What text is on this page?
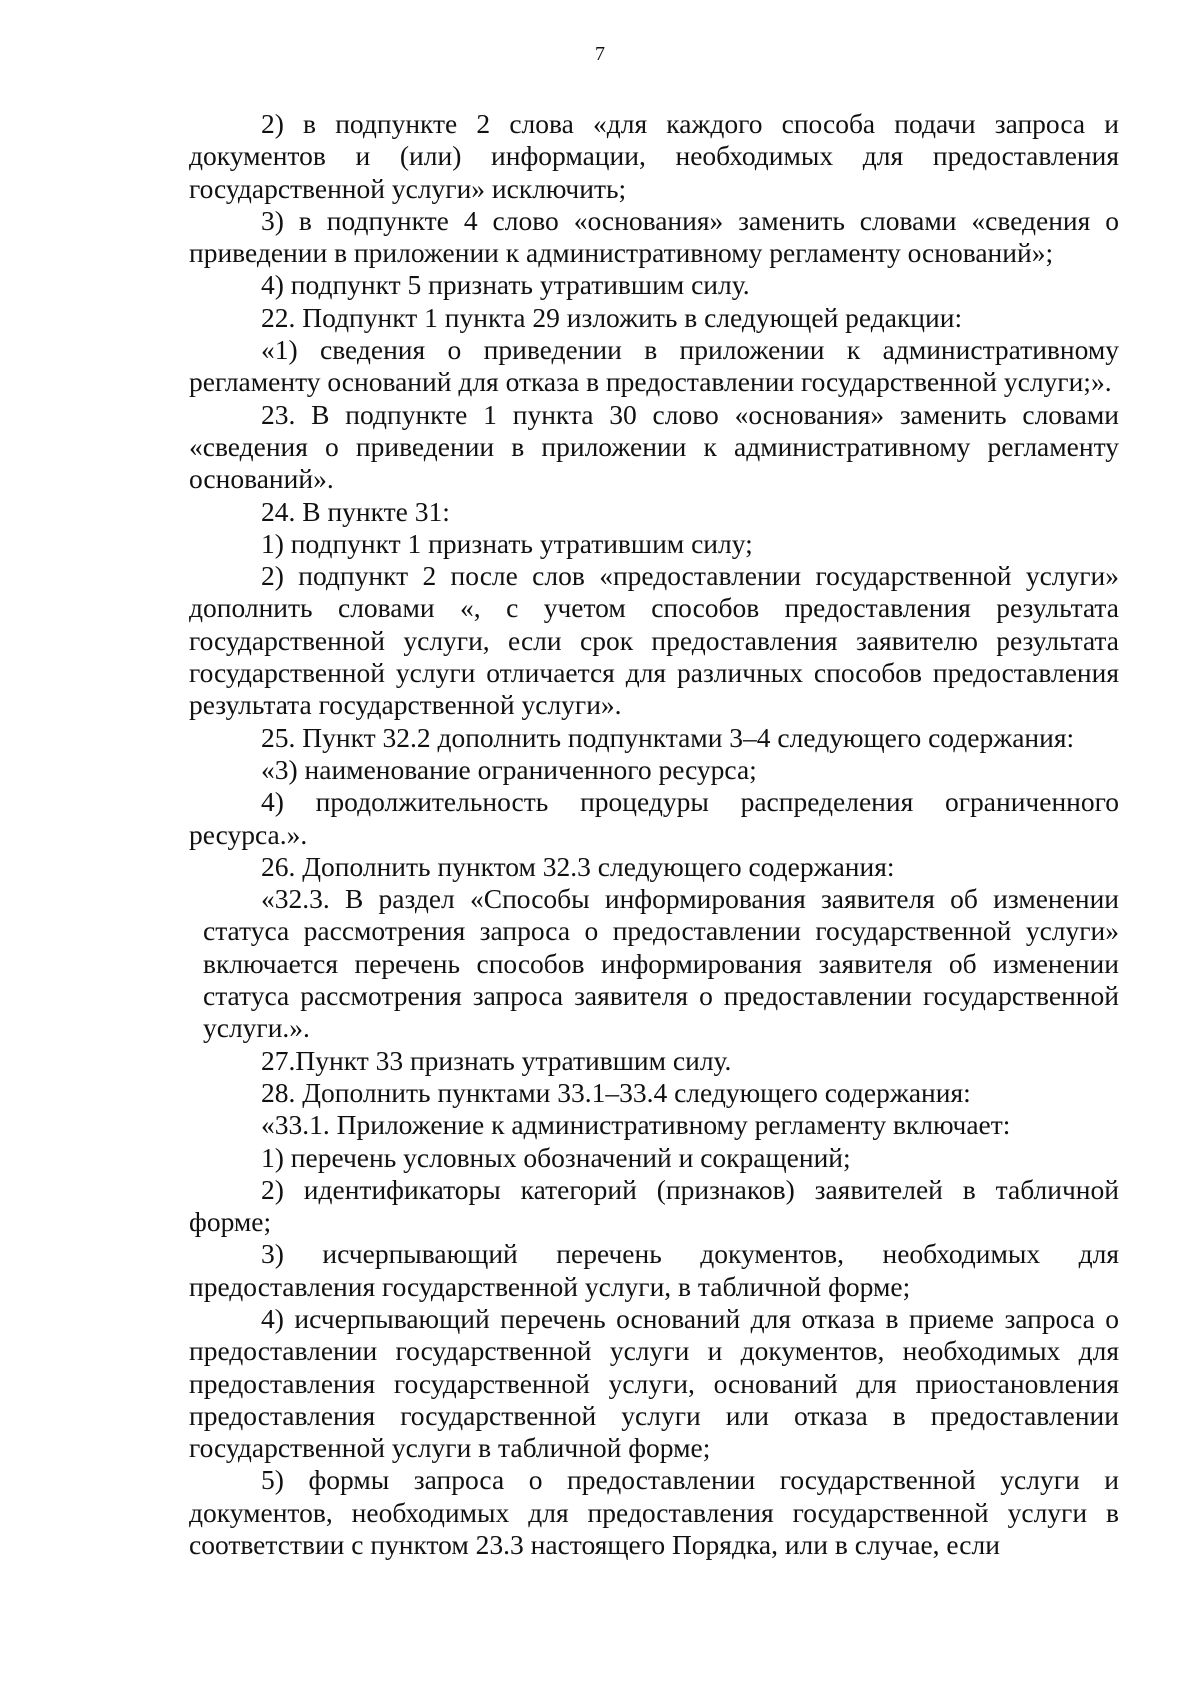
7

2) в подпункте 2 слова «для каждого способа подачи запроса и документов и (или) информации, необходимых для предоставления государственной услуги» исключить;

3) в подпункте 4 слово «основания» заменить словами «сведения о приведении в приложении к административному регламенту оснований»;

4) подпункт 5 признать утратившим силу.

22. Подпункт 1 пункта 29 изложить в следующей редакции:

«1) сведения о приведении в приложении к административному регламенту оснований для отказа в предоставлении государственной услуги;».

23. В подпункте 1 пункта 30 слово «основания» заменить словами «сведения о приведении в приложении к административному регламенту оснований».

24. В пункте 31:

1) подпункт 1 признать утратившим силу;

2) подпункт 2 после слов «предоставлении государственной услуги» дополнить словами «, с учетом способов предоставления результата государственной услуги, если срок предоставления заявителю результата государственной услуги отличается для различных способов предоставления результата государственной услуги».

25. Пункт 32.2 дополнить подпунктами 3–4 следующего содержания:

«3) наименование ограниченного ресурса;

4) продолжительность процедуры распределения ограниченного ресурса.».

26. Дополнить пунктом 32.3 следующего содержания:

«32.3. В раздел «Способы информирования заявителя об изменении статуса рассмотрения запроса о предоставлении государственной услуги» включается перечень способов информирования заявителя об изменении статуса рассмотрения запроса заявителя о предоставлении государственной услуги.».

27.Пункт 33 признать утратившим силу.

28. Дополнить пунктами 33.1–33.4 следующего содержания:

«33.1. Приложение к административному регламенту включает:

1) перечень условных обозначений и сокращений;

2) идентификаторы категорий (признаков) заявителей в табличной форме;

3) исчерпывающий перечень документов, необходимых для предоставления государственной услуги, в табличной форме;

4) исчерпывающий перечень оснований для отказа в приеме запроса о предоставлении государственной услуги и документов, необходимых для предоставления государственной услуги, оснований для приостановления предоставления государственной услуги или отказа в предоставлении государственной услуги в табличной форме;

5) формы запроса о предоставлении государственной услуги и документов, необходимых для предоставления государственной услуги в соответствии с пунктом 23.3 настоящего Порядка, или в случае, если
